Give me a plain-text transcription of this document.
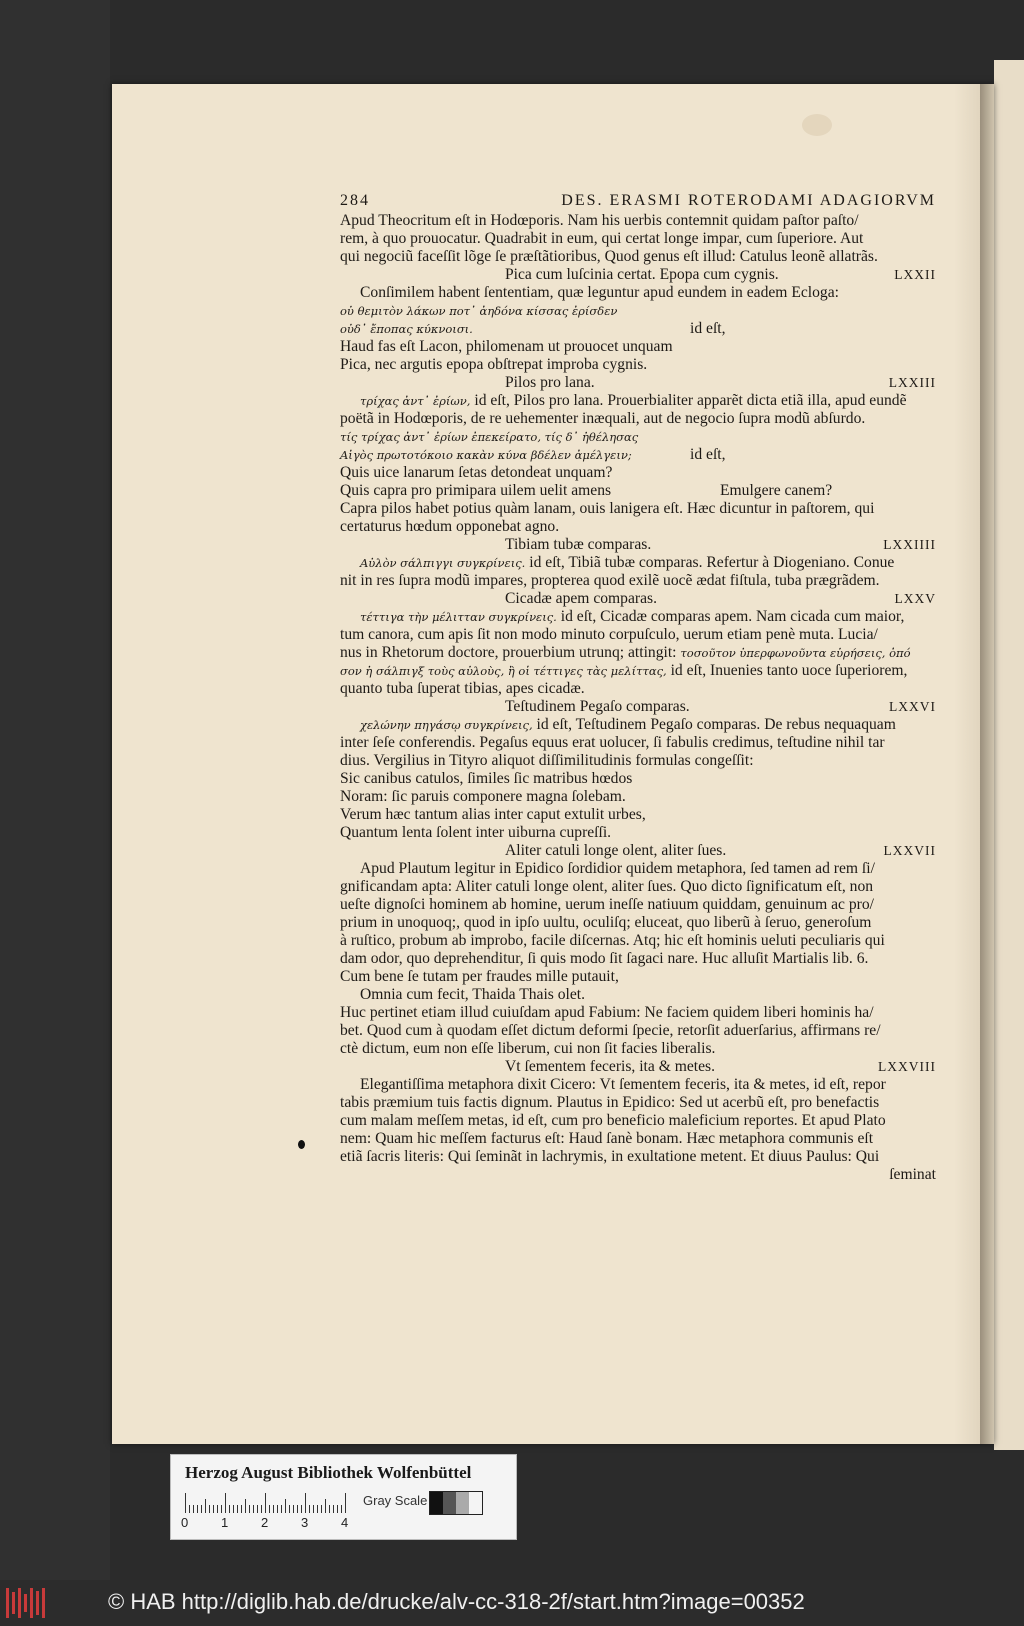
284	DES. ERASMI ROTERODAMI ADAGIORVM
Apud Theocritum eſt in Hodœporis. Nam his uerbis contemnit quidam paſtor paſto/
rem, à quo prouocatur. Quadrabit in eum, qui certat longe impar, cum ſuperiore. Aut
qui negociũ faceſſit lõge ſe præſtãtioribus, Quod genus eſt illud: Catulus leonẽ allatrãs.
Pica cum luſcinia certat. Epopa cum cygnis.	LXXII
Conſimilem habent ſententiam, quæ leguntur apud eundem in eadem Ecloga:
οὐ θεμιτὸν λάκων ποτ᾽ ἀηδόνα κίσσας ἐρίσδεν
οὐδ᾽ ἔποπας κύκνοισι.	id eſt,
Haud fas eſt Lacon, philomenam ut prouocet unquam
Pica, nec argutis epopa obſtrepat improba cygnis.
Pilos pro lana.	LXXIII
τρίχας ἀντ᾽ ἐρίων, id eſt, Pilos pro lana. Prouerbialiter apparẽt dicta etiã illa, apud eundẽ
poëtã in Hodœporis, de re uehementer inæquali, aut de negocio ſupra modũ abſurdo.
τίς τρίχας ἀντ᾽ ἐρίων ἐπεκείρατο, τίς δ᾽ ἠθέλησας
Αἰγὸς πρωτοτόκοιο κακὰν κύνα βδέλεν ἀμέλγειν;	id eſt,
Quis uice lanarum ſetas detondeat unquam?
Quis capra pro primipara uilem uelit amens	Emulgere canem?
Capra pilos habet potius quàm lanam, ouis lanigera eſt. Hæc dicuntur in paſtorem, qui
certaturus hœdum opponebat agno.
Tibiam tubæ comparas.	LXXIIII
Αὐλὸν σάλπιγγι συγκρίνεις. id eſt, Tibiã tubæ comparas. Refertur à Diogeniano. Conue
nit in res ſupra modũ impares, propterea quod exilẽ uocẽ ædat fiſtula, tuba prægrãdem.
Cicadæ apem comparas.	LXXV
τέττιγα τὴν μέλιτταν συγκρίνεις. id eſt, Cicadæ comparas apem. Nam cicada cum maior,
tum canora, cum apis ſit non modo minuto corpuſculo, uerum etiam penè muta. Lucia/
nus in Rhetorum doctore, prouerbium utrunq; attingit: τοσοῦτον ὑπερφωνοῦντα εὑρήσεις, ὁπό
σον ἡ σάλπιγξ τοὺς αὐλοὺς, ἢ οἱ τέττιγες τὰς μελίττας, id eſt, Inuenies tanto uoce ſuperiorem,
quanto tuba ſuperat tibias, apes cicadæ.
Teſtudinem Pegaſo comparas.	LXXVI
χελώνην πηγάσῳ συγκρίνεις, id eſt, Teſtudinem Pegaſo comparas. De rebus nequaquam
inter ſeſe conferendis. Pegaſus equus erat uolucer, ſi fabulis credimus, teſtudine nihil tar
dius. Vergilius in Tityro aliquot diſſimilitudinis formulas congeſſit:
Sic canibus catulos, ſimiles ſic matribus hœdos
Noram: ſic paruis componere magna ſolebam.
Verum hæc tantum alias inter caput extulit urbes,
Quantum lenta ſolent inter uiburna cupreſſi.
Aliter catuli longe olent, aliter ſues.	LXXVII
Apud Plautum legitur in Epidico ſordidior quidem metaphora, ſed tamen ad rem ſi/
gnificandam apta: Aliter catuli longe olent, aliter ſues. Quo dicto ſignificatum eſt, non
ueſte dignoſci hominem ab homine, uerum ineſſe natiuum quiddam, genuinum ac pro/
prium in unoquoq;, quod in ipſo uultu, oculiſq; eluceat, quo liberũ à ſeruo, generoſum
à ruſtico, probum ab improbo, facile diſcernas. Atq; hic eſt hominis ueluti peculiaris qui
dam odor, quo deprehenditur, ſi quis modo ſit ſagaci nare. Huc alluſit Martialis lib. 6.
Cum bene ſe tutam per fraudes mille putauit,
Omnia cum fecit, Thaida Thais olet.
Huc pertinet etiam illud cuiuſdam apud Fabium: Ne faciem quidem liberi hominis ha/
bet. Quod cum à quodam eſſet dictum deformi ſpecie, retorſit aduerſarius, affirmans re/
ctè dictum, eum non eſſe liberum, cui non ſit facies liberalis.
Vt ſementem feceris, ita & metes.	LXXVIII
Elegantiſſima metaphora dixit Cicero: Vt ſementem feceris, ita & metes, id eſt, repor
tabis præmium tuis factis dignum. Plautus in Epidico: Sed ut acerbũ eſt, pro benefactis
cum malam meſſem metas, id eſt, cum pro beneficio maleficium reportes. Et apud Plato
nem: Quam hic meſſem facturus eſt: Haud ſanè bonam. Hæc metaphora communis eſt
etiã ſacris literis: Qui ſeminãt in lachrymis, in exultatione metent. Et diuus Paulus: Qui
ſeminat
Herzog August Bibliothek Wolfenbüttel
0	1	2	3	4
Gray Scale
© HAB http://diglib.hab.de/drucke/alv-cc-318-2f/start.htm?image=00352
